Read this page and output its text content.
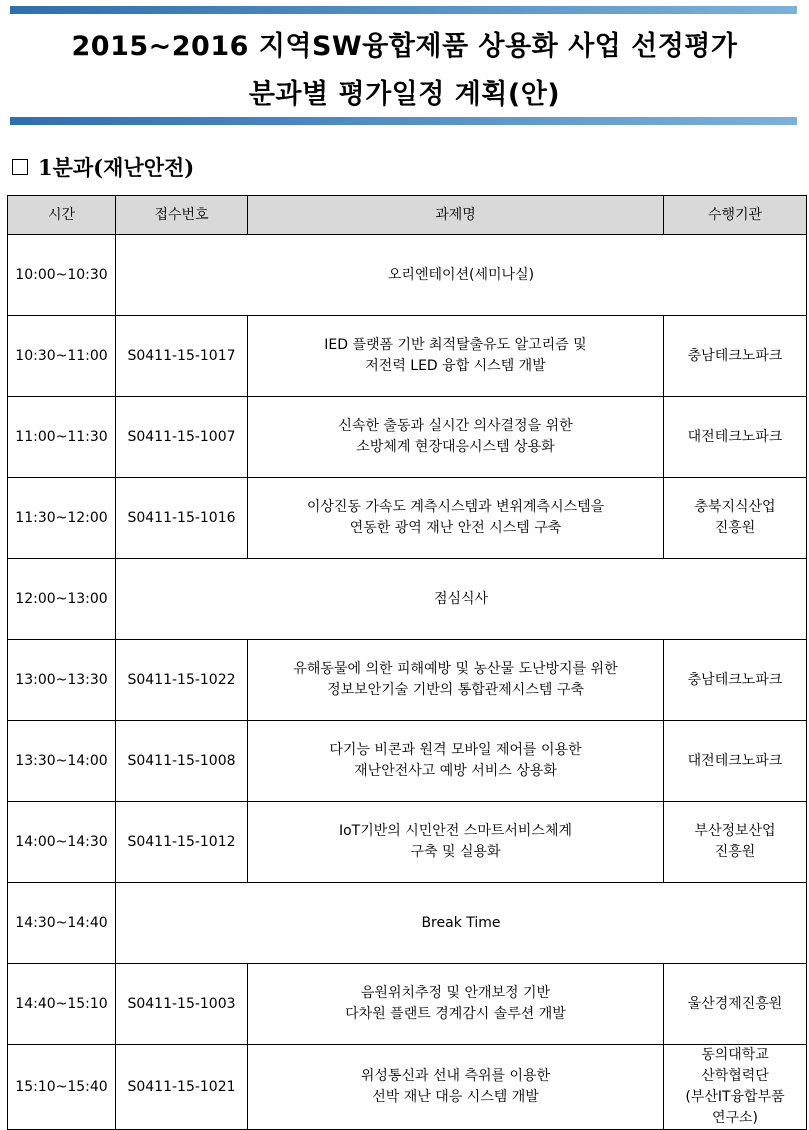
2015~2016 지역SW융합제품 상용화 사업 선정평가
분과별 평가일정 계획(안)
1분과(재난안전)
시간	접수번호	과제명	수행기관
10:00~10:30	오리엔테이션(세미나실)		
10:30~11:00	S0411-15-1017	IED 플랫폼 기반 최적탈출유도 알고리즘 및
저전력 LED 융합 시스템 개발	충남테크노파크
11:00~11:30	S0411-15-1007	신속한 출동과 실시간 의사결정을 위한
소방체계 현장대응시스템 상용화	대전테크노파크
11:30~12:00	S0411-15-1016	이상진동 가속도 계측시스템과 변위계측시스템을
연동한 광역 재난 안전 시스템 구축	충북지식산업
진흥원
12:00~13:00	점심식사		
13:00~13:30	S0411-15-1022	유해동물에 의한 피해예방 및 농산물 도난방지를 위한
정보보안기술 기반의 통합관제시스템 구축	충남테크노파크
13:30~14:00	S0411-15-1008	다기능 비콘과 원격 모바일 제어를 이용한
재난안전사고 예방 서비스 상용화	대전테크노파크
14:00~14:30	S0411-15-1012	IoT기반의 시민안전 스마트서비스체계
구축 및 실용화	부산정보산업
진흥원
14:30~14:40	Break Time		
14:40~15:10	S0411-15-1003	음원위치추정 및 안개보정 기반
다차원 플랜트 경계감시 솔루션 개발	울산경제진흥원
15:10~15:40	S0411-15-1021	위성통신과 선내 측위를 이용한
선박 재난 대응 시스템 개발	동의대학교
산학협력단
(부산IT융합부품
연구소)
